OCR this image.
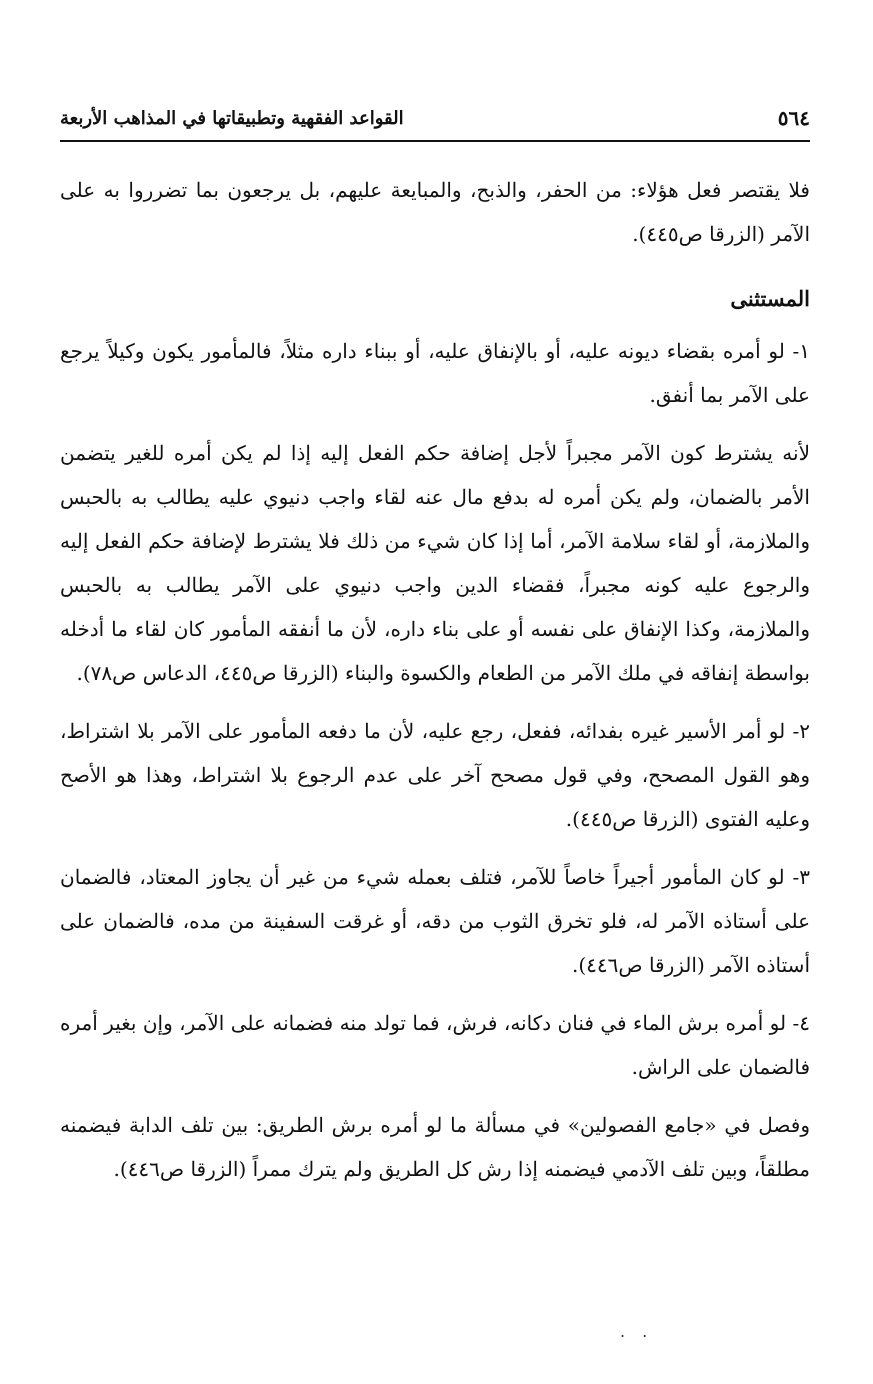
٥٦٤
القواعد الفقهية وتطبيقاتها في المذاهب الأربعة

فلا يقتصر فعل هؤلاء: من الحفر، والذبح، والمبايعة عليهم، بل يرجعون بما تضرروا به على الآمر (الزرقا ص٤٤٥).

المستثنى

١- لو أمره بقضاء ديونه عليه، أو بالإنفاق عليه، أو ببناء داره مثلاً، فالمأمور يكون وكيلاً يرجع على الآمر بما أنفق.

لأنه يشترط كون الآمر مجبراً لأجل إضافة حكم الفعل إليه إذا لم يكن أمره للغير يتضمن الأمر بالضمان، ولم يكن أمره له بدفع مال عنه لقاء واجب دنيوي عليه يطالب به بالحبس والملازمة، أو لقاء سلامة الآمر، أما إذا كان شيء من ذلك فلا يشترط لإضافة حكم الفعل إليه والرجوع عليه كونه مجبراً، فقضاء الدين واجب دنيوي على الآمر يطالب به بالحبس والملازمة، وكذا الإنفاق على نفسه أو على بناء داره، لأن ما أنفقه المأمور كان لقاء ما أدخله بواسطة إنفاقه في ملك الآمر من الطعام والكسوة والبناء (الزرقا ص٤٤٥، الدعاس ص٧٨).

٢- لو أمر الأسير غيره بفدائه، ففعل، رجع عليه، لأن ما دفعه المأمور على الآمر بلا اشتراط، وهو القول المصحح، وفي قول مصحح آخر على عدم الرجوع بلا اشتراط، وهذا هو الأصح وعليه الفتوى (الزرقا ص٤٤٥).

٣- لو كان المأمور أجيراً خاصاً للآمر، فتلف بعمله شيء من غير أن يجاوز المعتاد، فالضمان على أستاذه الآمر له، فلو تخرق الثوب من دقه، أو غرقت السفينة من مده، فالضمان على أستاذه الآمر (الزرقا ص٤٤٦).

٤- لو أمره برش الماء في فنان دكانه، فرش، فما تولد منه فضمانه على الآمر، وإن بغير أمره فالضمان على الراش.

وفصل في «جامع الفصولين» في مسألة ما لو أمره برش الطريق: بين تلف الدابة فيضمنه مطلقاً، وبين تلف الآدمي فيضمنه إذا رش كل الطريق ولم يترك ممراً (الزرقا ص٤٤٦).

. .
